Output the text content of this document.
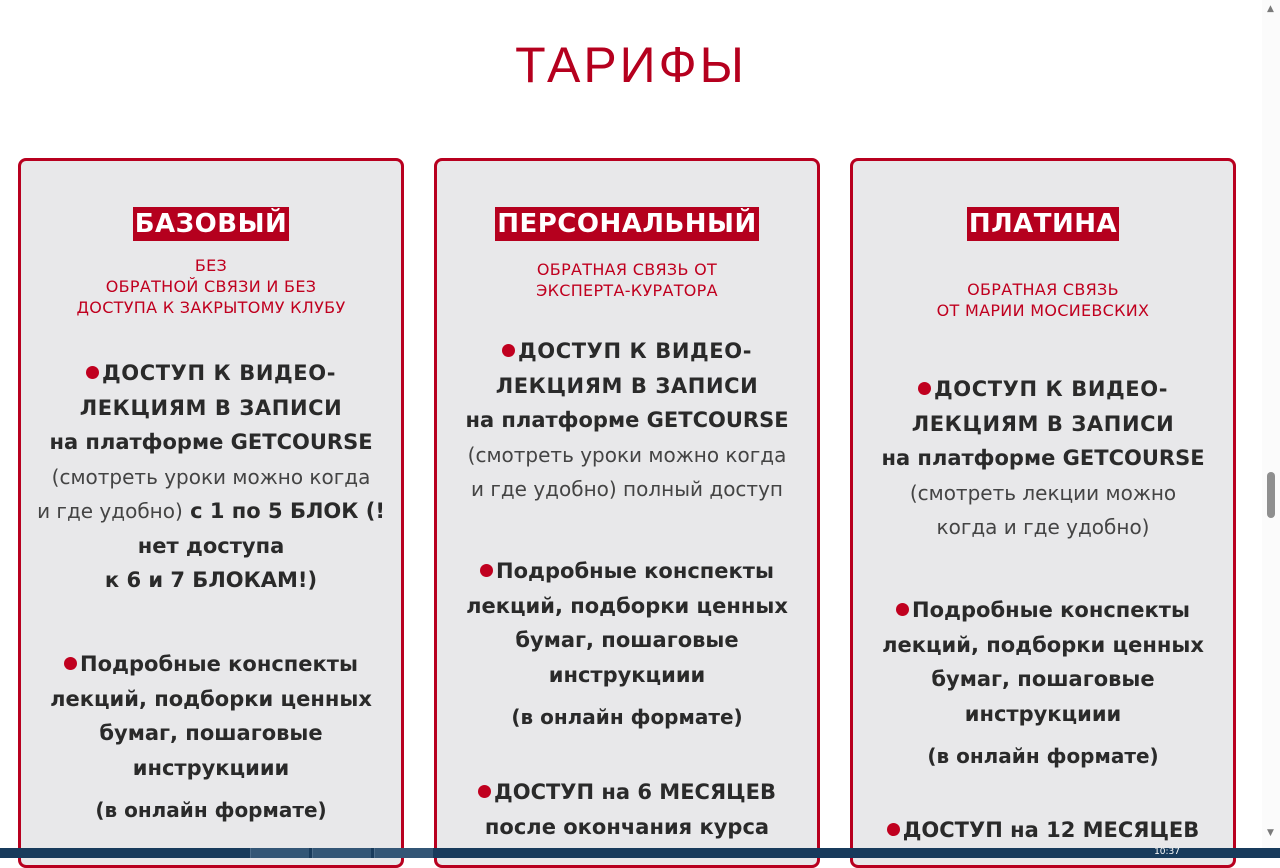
ТАРИФЫ
БАЗОВЫЙ
БЕЗ
ОБРАТНОЙ СВЯЗИ И БЕЗ
ДОСТУПА К ЗАКРЫТОМУ КЛУБУ
ДОСТУП К ВИДЕО-
ЛЕКЦИЯМ В ЗАПИСИ
на платформе GETCOURSE
(смотреть уроки можно когда
и где удобно) с 1 по 5 БЛОК (!
нет доступа
к 6 и 7 БЛОКАМ!)
Подробные конспекты
лекций, подборки ценных
бумаг, пошаговые
инструкциии
(в онлайн формате)
ПЕРСОНАЛЬНЫЙ
ОБРАТНАЯ СВЯЗЬ ОТ
ЭКСПЕРТА-КУРАТОРА
ДОСТУП К ВИДЕО-
ЛЕКЦИЯМ В ЗАПИСИ
на платформе GETCOURSE
(смотреть уроки можно когда
и где удобно) полный доступ
Подробные конспекты
лекций, подборки ценных
бумаг, пошаговые
инструкциии
(в онлайн формате)
ДОСТУП на 6 МЕСЯЦЕВ
после окончания курса
ПЛАТИНА
ОБРАТНАЯ СВЯЗЬ
ОТ МАРИИ МОСИЕВСКИХ
ДОСТУП К ВИДЕО-
ЛЕКЦИЯМ В ЗАПИСИ
на платформе GETCOURSE
(смотреть лекции можно
когда и где удобно)
Подробные конспекты
лекций, подборки ценных
бумаг, пошаговые
инструкциии
(в онлайн формате)
ДОСТУП на 12 МЕСЯЦЕВ
▲
▼
10:37
